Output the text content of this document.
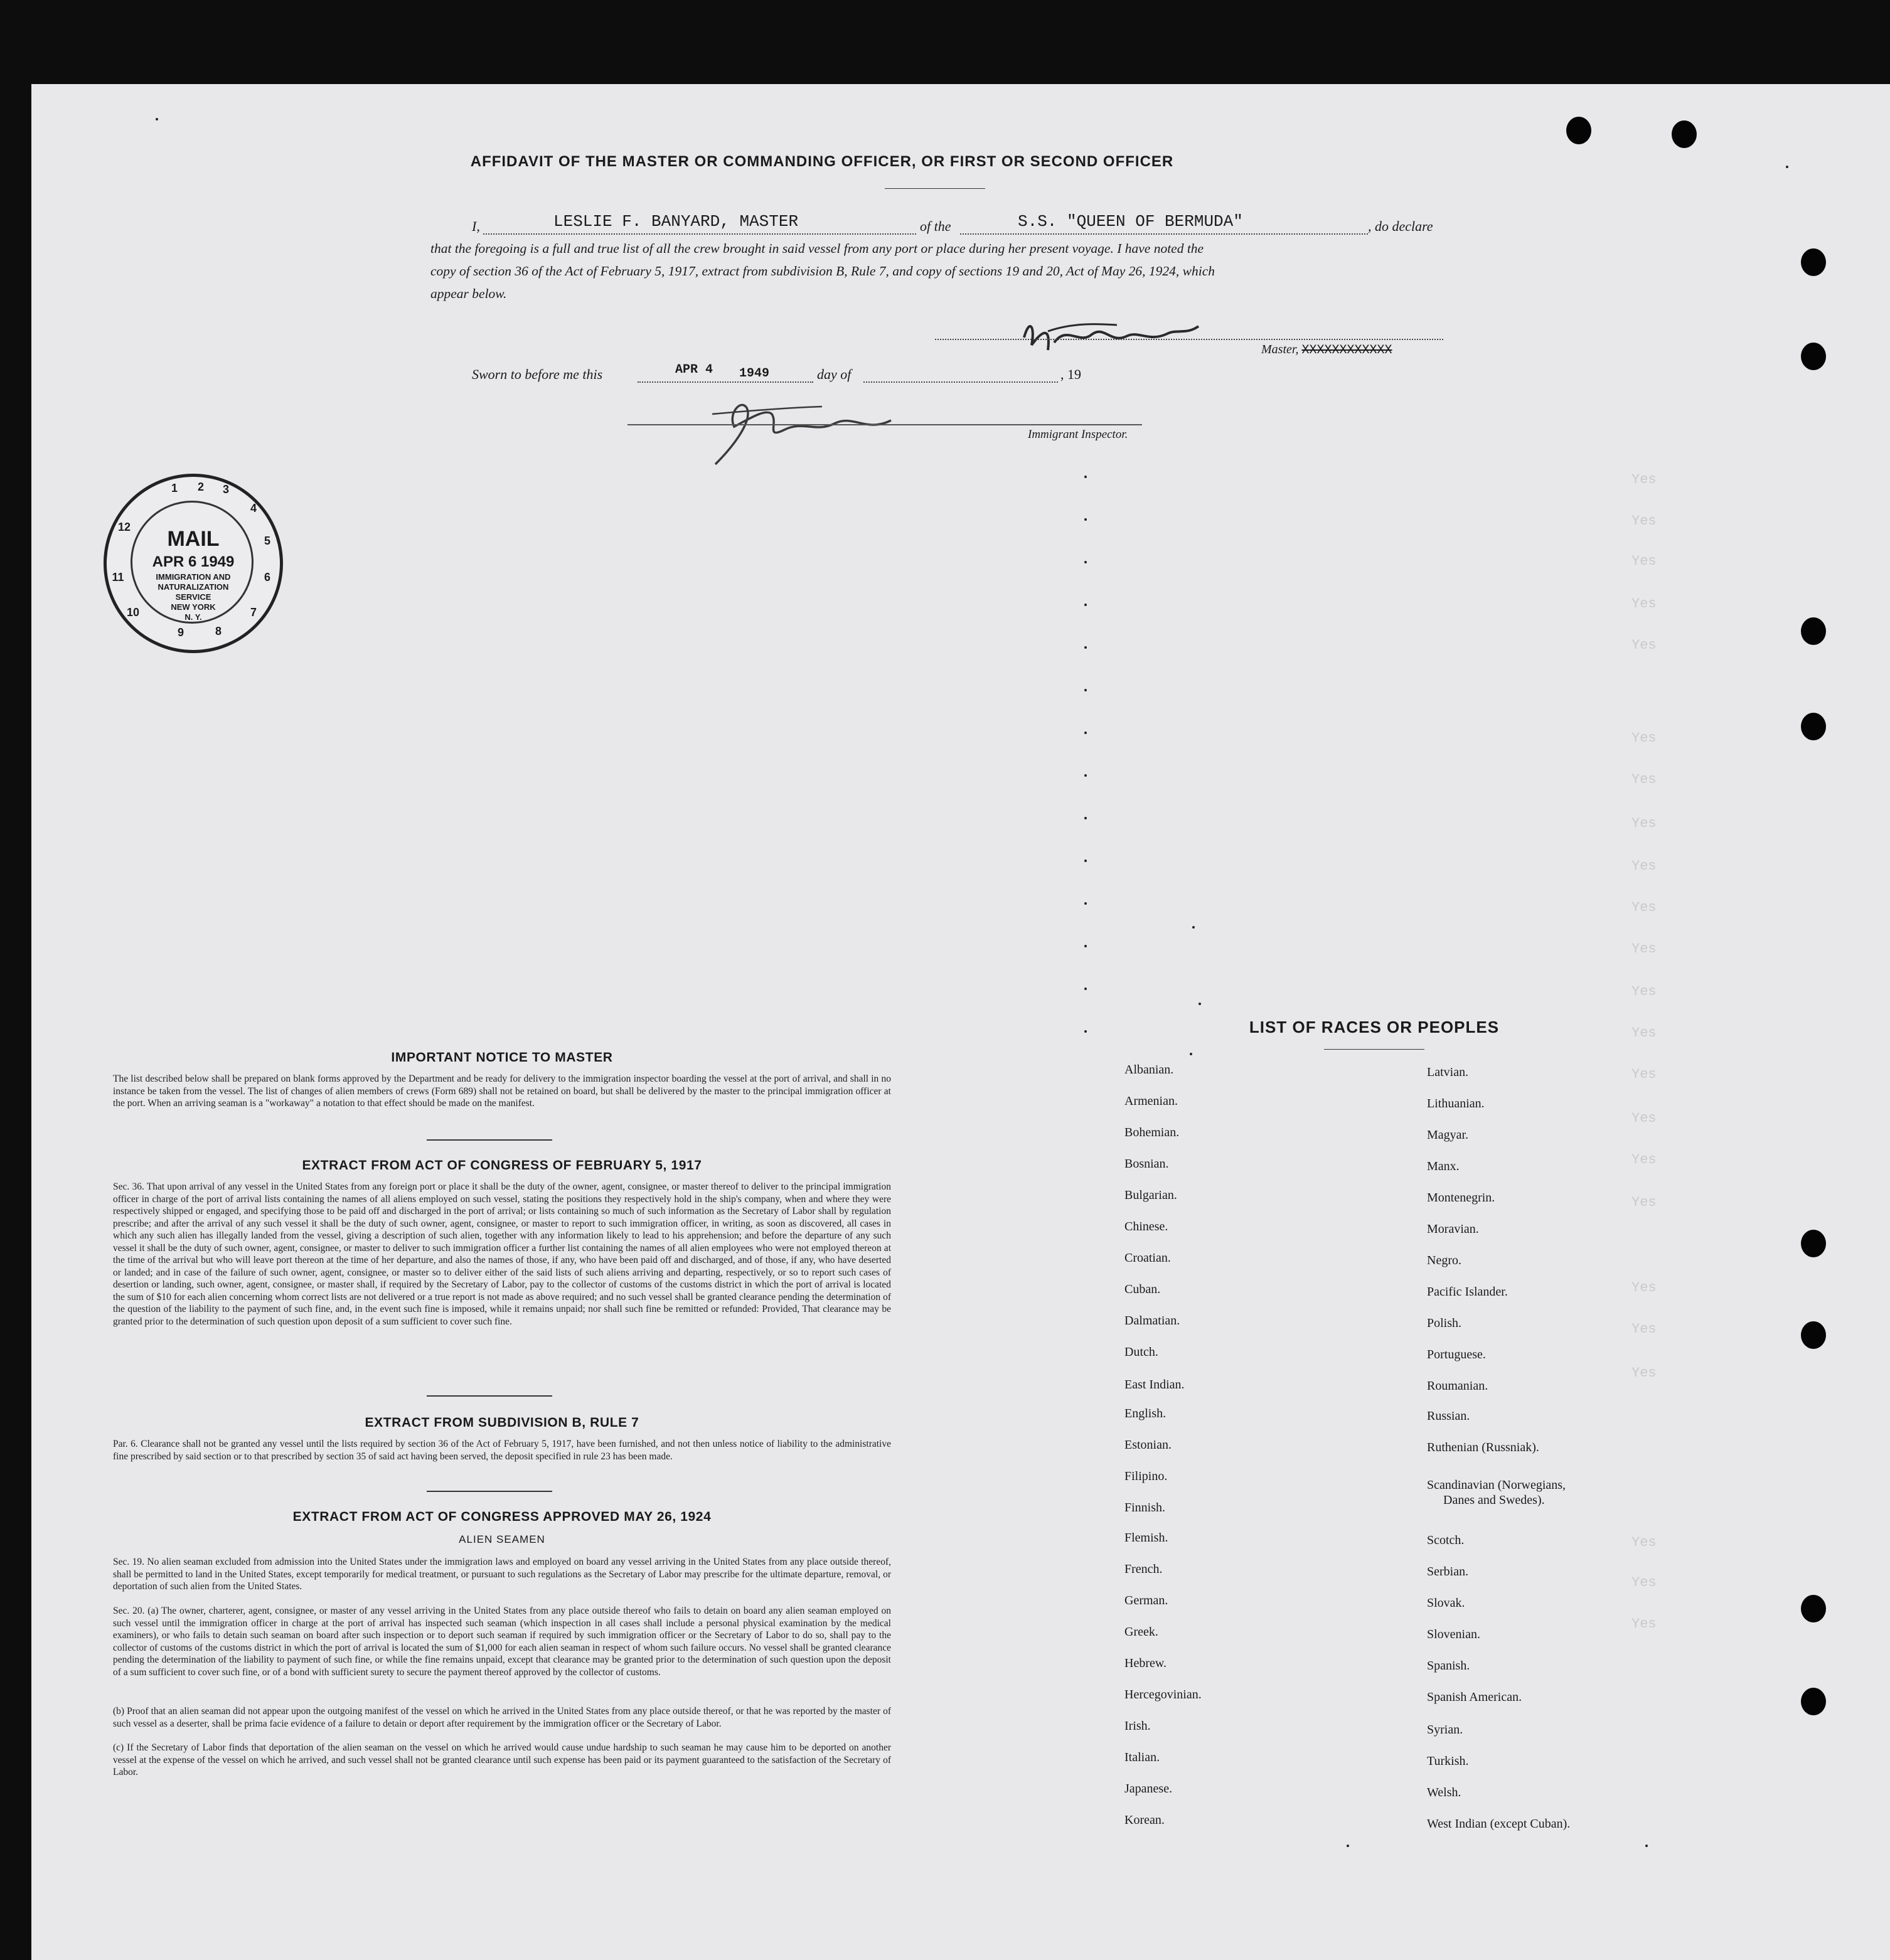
Yes
Yes
Yes
Yes
Yes
Yes
Yes
Yes
Yes
Yes
Yes
Yes
Yes
Yes
Yes
Yes
Yes
Yes
Yes
Yes
Yes
Yes
Yes
AFFIDAVIT OF THE MASTER OR COMMANDING OFFICER, OR FIRST OR SECOND OFFICER
I,	LESLIE F. BANYARD, MASTER	of the	S.S. "QUEEN OF BERMUDA"	, do declare
that the foregoing is a full and true list of all the crew brought in said vessel from any port or place during her present voyage. I have noted the
copy of section 36 of the Act of February 5, 1917, extract from subdivision B, Rule 7, and copy of sections 19 and 20, Act of May 26, 1924, which
appear below.
Master, XXXXXXXXXXXX
Sworn to before me this	APR 4 1949	day of	, 19
Immigrant Inspector.
MAIL
APR 6 1949
IMMIGRATION AND
NATURALIZATION
SERVICE
NEW YORK
N. Y.
1	2	3
4
5
6
7
8
9
10
11
12
IMPORTANT NOTICE TO MASTER
The list described below shall be prepared on blank forms approved by the Department and be ready for delivery to the immigration inspector boarding the vessel at the port of arrival, and shall in no instance be taken from the vessel. The list of changes of alien members of crews (Form 689) shall not be retained on board, but shall be delivered by the master to the principal immigration officer at the port. When an arriving seaman is a "workaway" a notation to that effect should be made on the manifest.
EXTRACT FROM ACT OF CONGRESS OF FEBRUARY 5, 1917
Sec. 36. That upon arrival of any vessel in the United States from any foreign port or place it shall be the duty of the owner, agent, consignee, or master thereof to deliver to the principal immigration officer in charge of the port of arrival lists containing the names of all aliens employed on such vessel, stating the positions they respectively hold in the ship's company, when and where they were respectively shipped or engaged, and specifying those to be paid off and discharged in the port of arrival; or lists containing so much of such information as the Secretary of Labor shall by regulation prescribe; and after the arrival of any such vessel it shall be the duty of such owner, agent, consignee, or master to report to such immigration officer, in writing, as soon as discovered, all cases in which any such alien has illegally landed from the vessel, giving a description of such alien, together with any information likely to lead to his apprehension; and before the departure of any such vessel it shall be the duty of such owner, agent, consignee, or master to deliver to such immigration officer a further list containing the names of all alien employees who were not employed thereon at the time of the arrival but who will leave port thereon at the time of her departure, and also the names of those, if any, who have been paid off and discharged, and of those, if any, who have deserted or landed; and in case of the failure of such owner, agent, consignee, or master so to deliver either of the said lists of such aliens arriving and departing, respectively, or so to report such cases of desertion or landing, such owner, agent, consignee, or master shall, if required by the Secretary of Labor, pay to the collector of customs of the customs district in which the port of arrival is located the sum of $10 for each alien concerning whom correct lists are not delivered or a true report is not made as above required; and no such vessel shall be granted clearance pending the determination of the question of the liability to the payment of such fine, and, in the event such fine is imposed, while it remains unpaid; nor shall such fine be remitted or refunded: Provided, That clearance may be granted prior to the determination of such question upon deposit of a sum sufficient to cover such fine.
EXTRACT FROM SUBDIVISION B, RULE 7
Par. 6. Clearance shall not be granted any vessel until the lists required by section 36 of the Act of February 5, 1917, have been furnished, and not then unless notice of liability to the administrative fine prescribed by said section or to that prescribed by section 35 of said act having been served, the deposit specified in rule 23 has been made.
EXTRACT FROM ACT OF CONGRESS APPROVED MAY 26, 1924
ALIEN SEAMEN
Sec. 19. No alien seaman excluded from admission into the United States under the immigration laws and employed on board any vessel arriving in the United States from any place outside thereof, shall be permitted to land in the United States, except temporarily for medical treatment, or pursuant to such regulations as the Secretary of Labor may prescribe for the ultimate departure, removal, or deportation of such alien from the United States.
Sec. 20. (a) The owner, charterer, agent, consignee, or master of any vessel arriving in the United States from any place outside thereof who fails to detain on board any alien seaman employed on such vessel until the immigration officer in charge at the port of arrival has inspected such seaman (which inspection in all cases shall include a personal physical examination by the medical examiners), or who fails to detain such seaman on board after such inspection or to deport such seaman if required by such immigration officer or the Secretary of Labor to do so, shall pay to the collector of customs of the customs district in which the port of arrival is located the sum of $1,000 for each alien seaman in respect of whom such failure occurs. No vessel shall be granted clearance pending the determination of the liability to payment of such fine, or while the fine remains unpaid, except that clearance may be granted prior to the determination of such question upon the deposit of a sum sufficient to cover such fine, or of a bond with sufficient surety to secure the payment thereof approved by the collector of customs.
(b) Proof that an alien seaman did not appear upon the outgoing manifest of the vessel on which he arrived in the United States from any place outside thereof, or that he was reported by the master of such vessel as a deserter, shall be prima facie evidence of a failure to detain or deport after requirement by the immigration officer or the Secretary of Labor.
(c) If the Secretary of Labor finds that deportation of the alien seaman on the vessel on which he arrived would cause undue hardship to such seaman he may cause him to be deported on another vessel at the expense of the vessel on which he arrived, and such vessel shall not be granted clearance until such expense has been paid or its payment guaranteed to the satisfaction of the Secretary of Labor.
LIST OF RACES OR PEOPLES
Albanian.
Armenian.
Bohemian.
Bosnian.
Bulgarian.
Chinese.
Croatian.
Cuban.
Dalmatian.
Dutch.
East Indian.
English.
Estonian.
Filipino.
Finnish.
Flemish.
French.
German.
Greek.
Hebrew.
Hercegovinian.
Irish.
Italian.
Japanese.
Korean.
Latvian.
Lithuanian.
Magyar.
Manx.
Montenegrin.
Moravian.
Negro.
Pacific Islander.
Polish.
Portuguese.
Roumanian.
Russian.
Ruthenian (Russniak).
Scandinavian (Norwegians,
Danes and Swedes).
Scotch.
Serbian.
Slovak.
Slovenian.
Spanish.
Spanish American.
Syrian.
Turkish.
Welsh.
West Indian (except Cuban).
